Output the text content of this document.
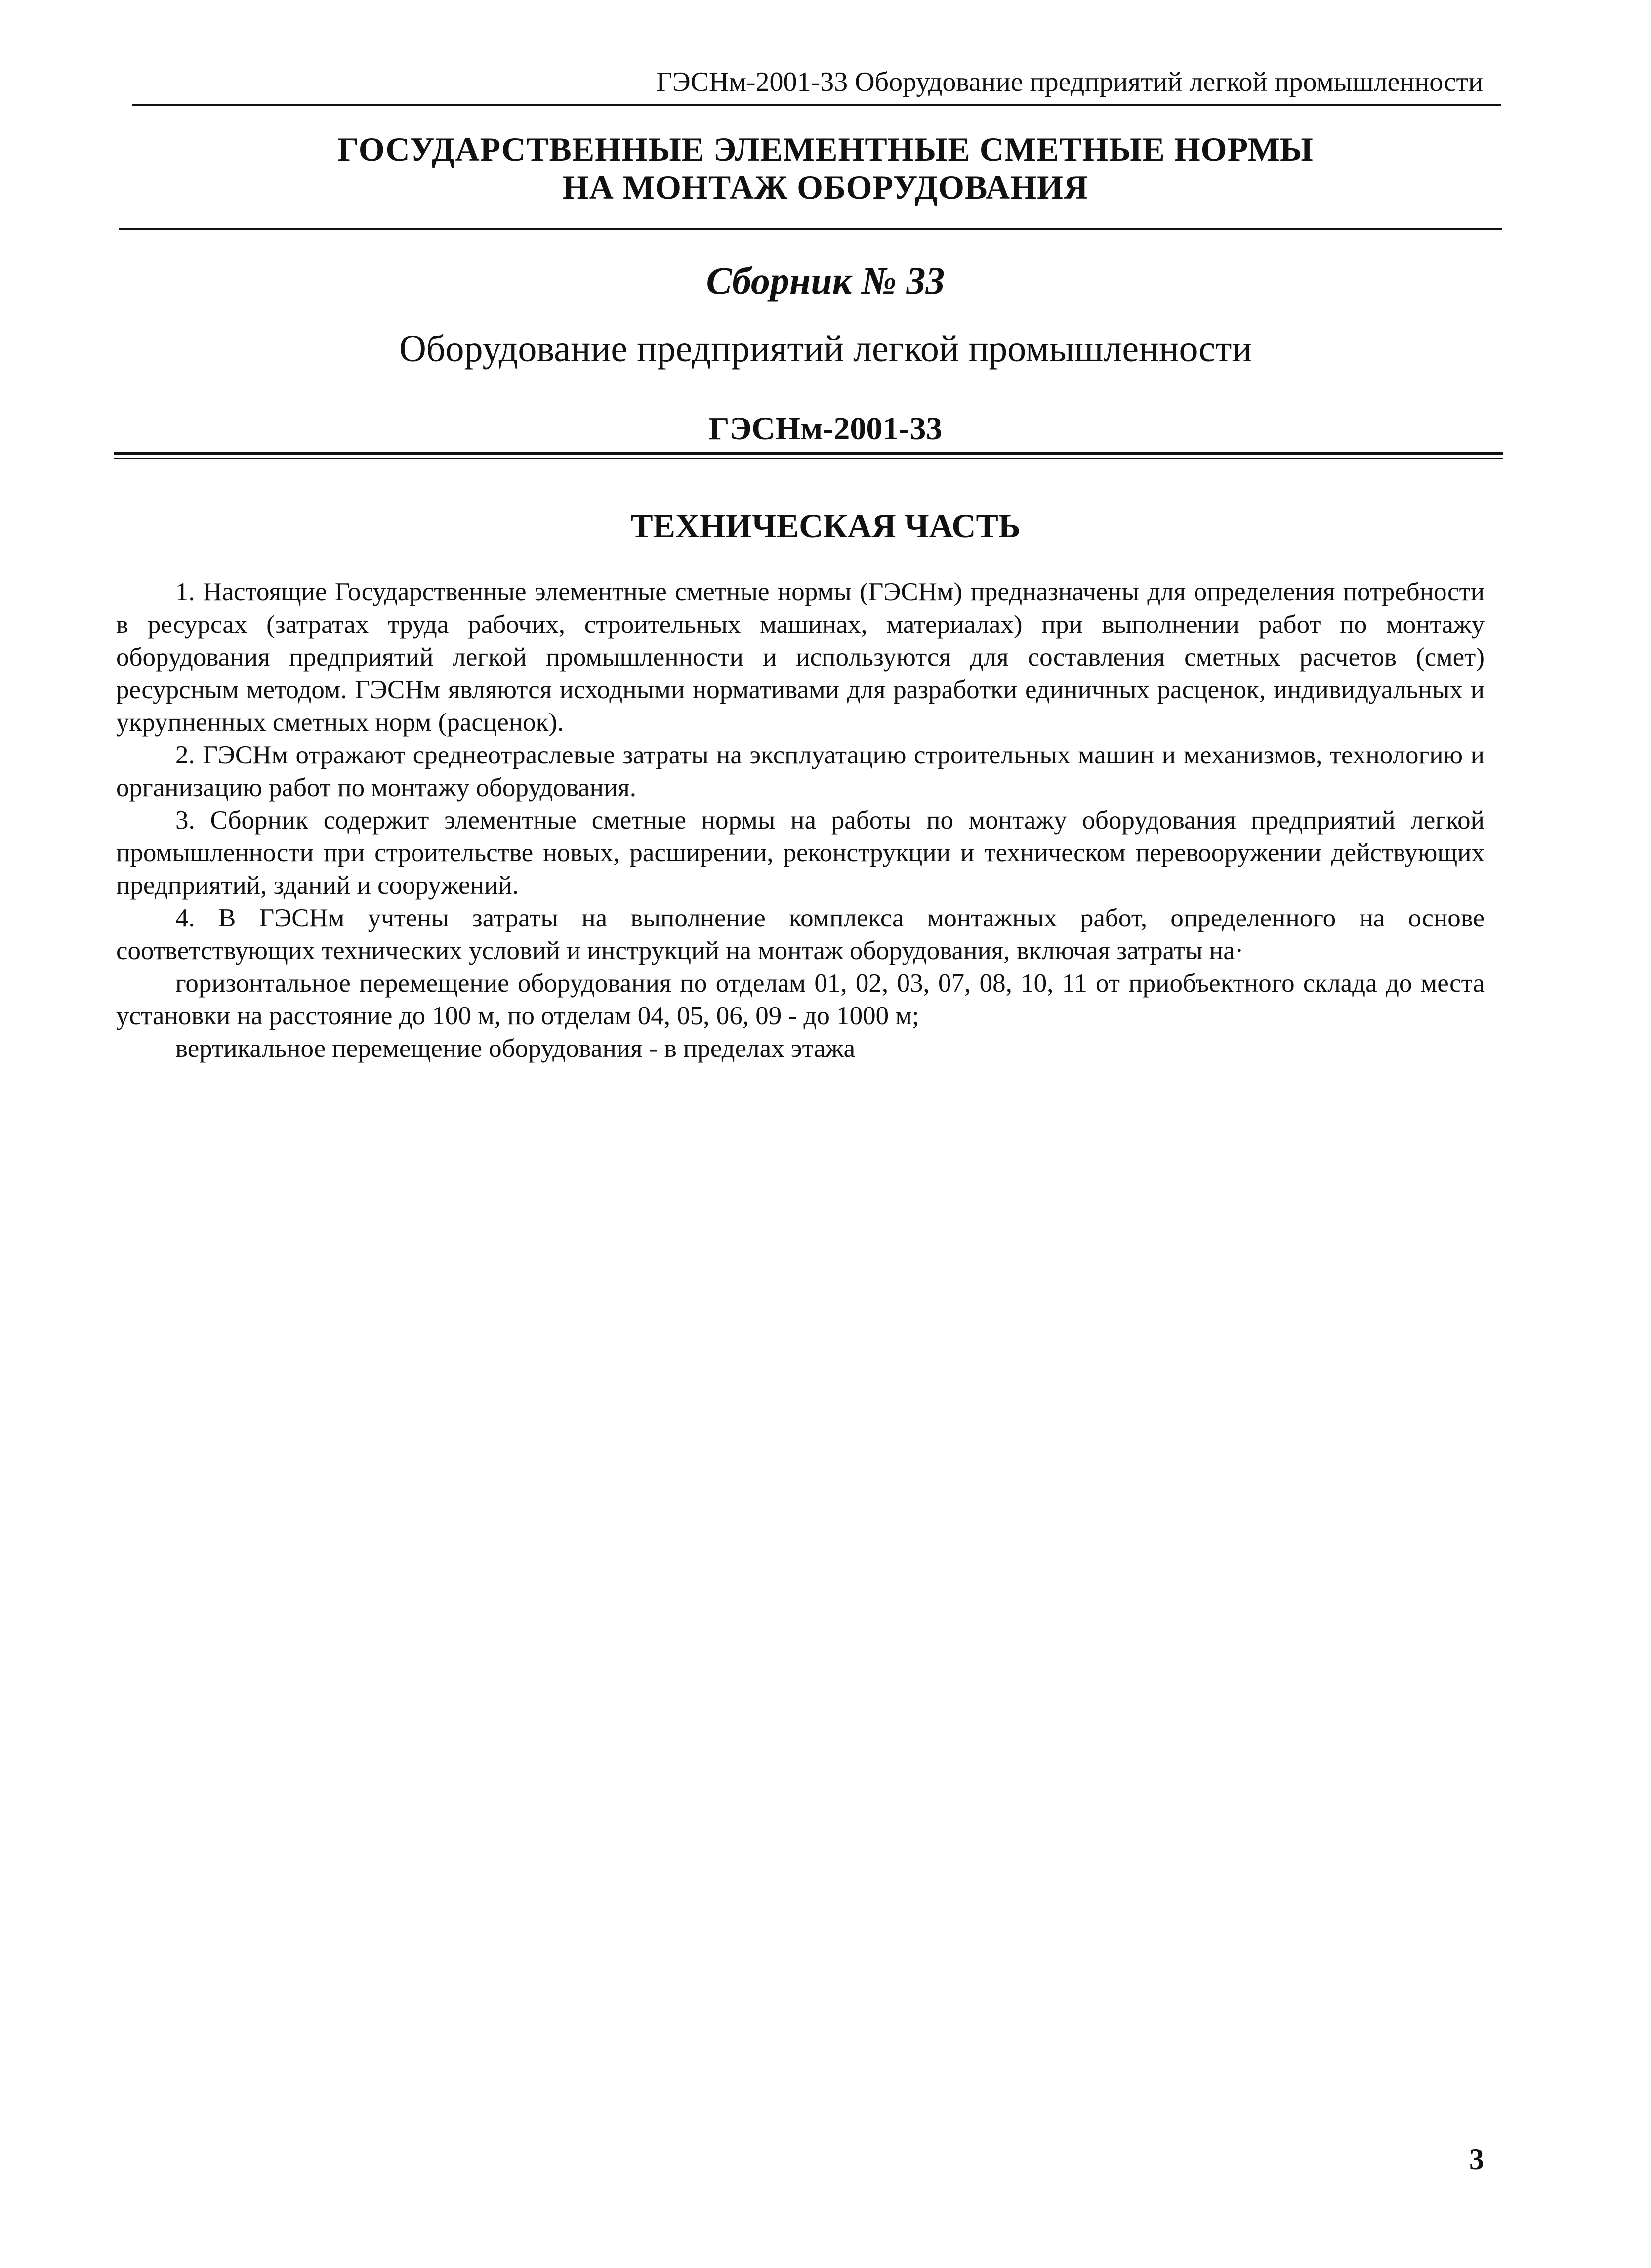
ГЭСНм-2001-33 Оборудование предприятий легкой промышленности
ГОСУДАРСТВЕННЫЕ ЭЛЕМЕНТНЫЕ СМЕТНЫЕ НОРМЫ
НА МОНТАЖ ОБОРУДОВАНИЯ
Сборник № 33
Оборудование предприятий легкой промышленности
ГЭСНм-2001-33
ТЕХНИЧЕСКАЯ ЧАСТЬ

1. Настоящие Государственные элементные сметные нормы (ГЭСНм) предназначены для определения потребности в ресурсах (затратах труда рабочих, строительных машинах, материалах) при выполнении работ по монтажу оборудования предприятий легкой промышленности и используются для составления сметных расчетов (смет) ресурсным методом. ГЭСНм являются исходными нормативами для разработки единичных расценок, индивидуальных и укрупненных сметных норм (расценок).

2. ГЭСНм отражают среднеотраслевые затраты на эксплуатацию строительных машин и механизмов, технологию и организацию работ по монтажу оборудования.

3. Сборник содержит элементные сметные нормы на работы по монтажу оборудования предприятий легкой промышленности при строительстве новых, расширении, реконструкции и техническом перевооружении действующих предприятий, зданий и сооружений.

4. В ГЭСНм учтены затраты на выполнение комплекса монтажных работ, определенного на основе соответствующих технических условий и инструкций на монтаж оборудования, включая затраты на·

горизонтальное перемещение оборудования по отделам 01, 02, 03, 07, 08, 10, 11 от приобъектного склада до места установки на расстояние до 100 м, по отделам 04, 05, 06, 09 - до 1000 м;

вертикальное перемещение оборудования - в пределах этажа

3
